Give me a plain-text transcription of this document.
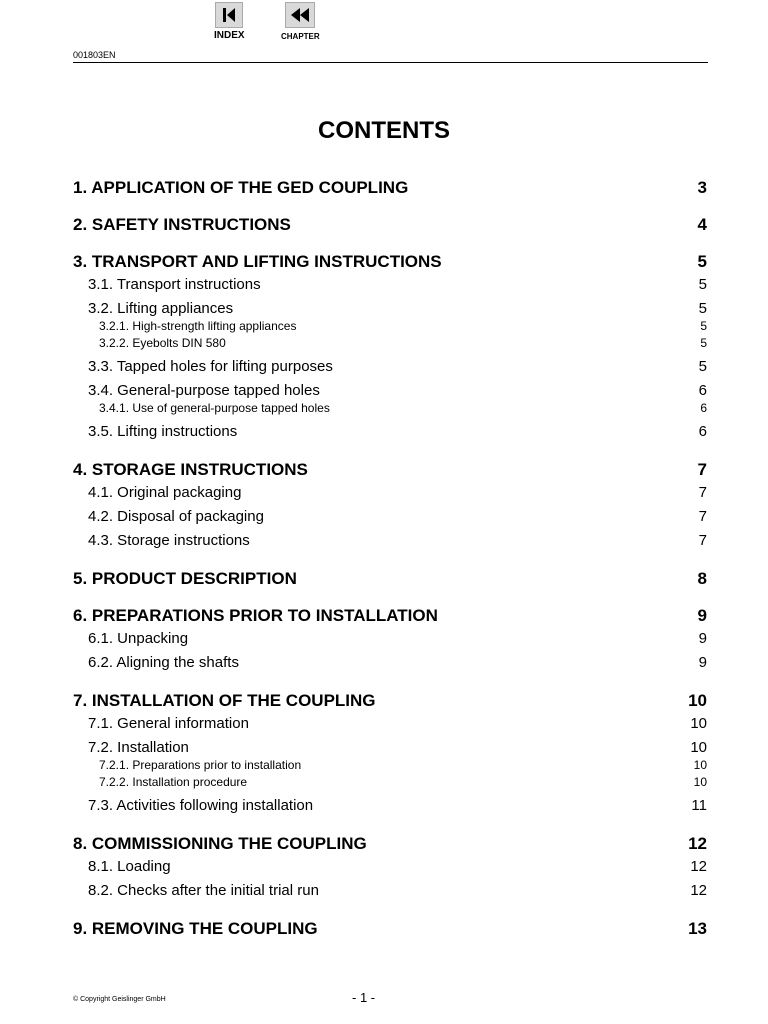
INDEX	CHAPTER
001803EN
CONTENTS
1. APPLICATION OF THE GED COUPLING	3
2. SAFETY INSTRUCTIONS	4
3. TRANSPORT AND LIFTING INSTRUCTIONS	5
3.1. Transport instructions	5
3.2. Lifting appliances	5
3.2.1. High-strength lifting appliances	5
3.2.2. Eyebolts DIN 580	5
3.3. Tapped holes for lifting purposes	5
3.4. General-purpose tapped holes	6
3.4.1. Use of general-purpose tapped holes	6
3.5. Lifting instructions	6
4. STORAGE INSTRUCTIONS	7
4.1. Original packaging	7
4.2. Disposal of packaging	7
4.3. Storage instructions	7
5. PRODUCT DESCRIPTION	8
6. PREPARATIONS PRIOR TO INSTALLATION	9
6.1. Unpacking	9
6.2. Aligning the shafts	9
7. INSTALLATION OF THE COUPLING	10
7.1. General information	10
7.2. Installation	10
7.2.1. Preparations prior to installation	10
7.2.2. Installation procedure	10
7.3. Activities following installation	11
8. COMMISSIONING THE COUPLING	12
8.1. Loading	12
8.2. Checks after the initial trial run	12
9. REMOVING THE COUPLING	13
© Copyright Geislinger GmbH	- 1 -
